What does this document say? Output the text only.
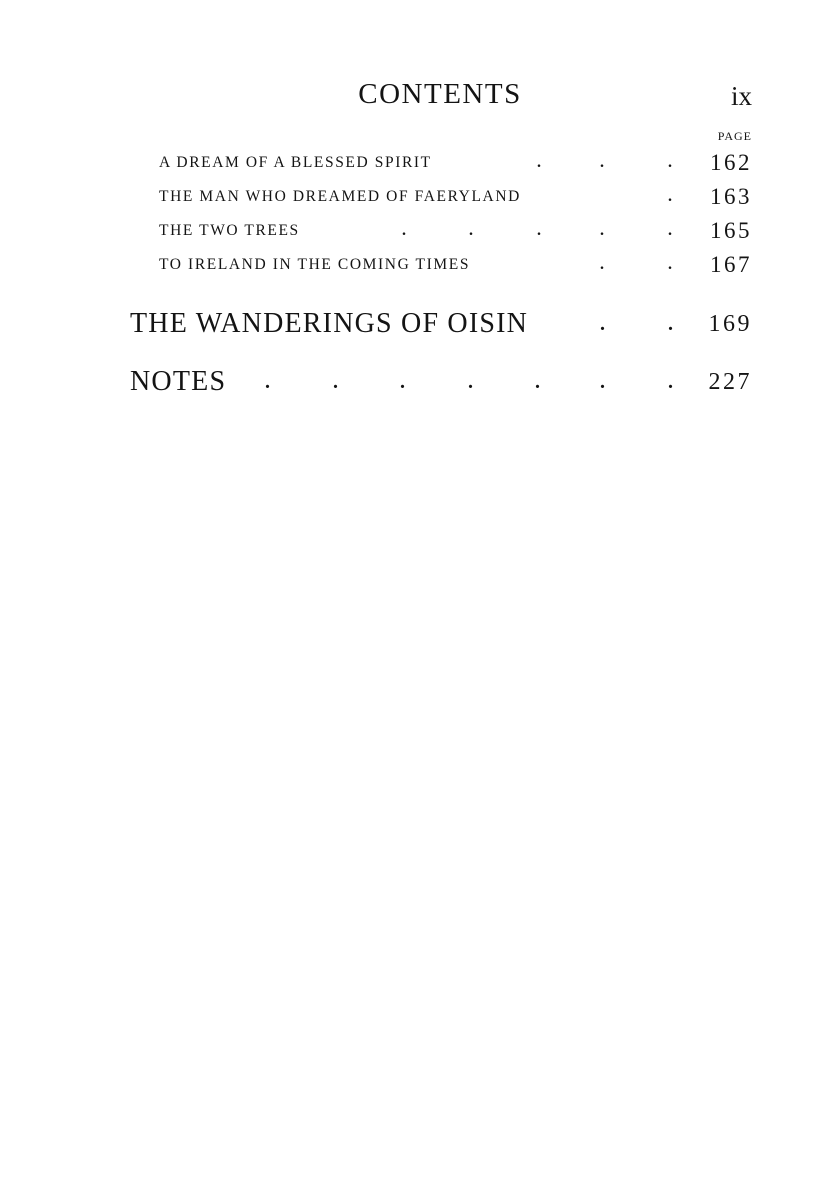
CONTENTS	ix
PAGE
A DREAM OF A BLESSED SPIRIT	.	.	. 162
THE MAN WHO DREAMED OF FAERYLAND	. 163
THE TWO TREES	.	.	.	.	. 165
TO IRELAND IN THE COMING TIMES	.	. 167
THE WANDERINGS OF OISIN	.	. 169
NOTES .	.	.	.	.	.	. 227
